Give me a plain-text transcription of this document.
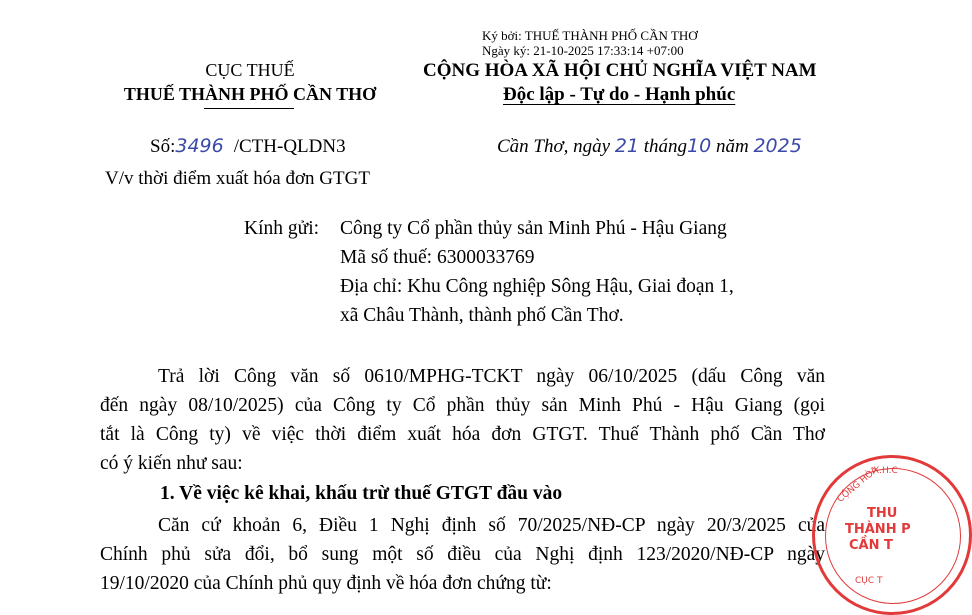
Ký bởi: THUẾ THÀNH PHỐ CẦN THƠ
Ngày ký: 21-10-2025 17:33:14 +07:00
CỤC THUẾ
THUẾ THÀNH PHỐ CẦN THƠ
CỘNG HÒA XÃ HỘI CHỦ NGHĨA VIỆT NAM
Độc lập - Tự do - Hạnh phúc
Số:3496 /CTH-QLDN3	Cần Thơ, ngày 21 tháng10 năm 2025
V/v thời điểm xuất hóa đơn GTGT
Kính gửi: Công ty Cổ phần thủy sản Minh Phú - Hậu Giang
Mã số thuế: 6300033769
Địa chỉ: Khu Công nghiệp Sông Hậu, Giai đoạn 1,
xã Châu Thành, thành phố Cần Thơ.
Trả lời Công văn số 0610/MPHG-TCKT ngày 06/10/2025 (dấu Công văn
đến ngày 08/10/2025) của Công ty Cổ phần thủy sản Minh Phú - Hậu Giang (gọi
tắt là Công ty) về việc thời điểm xuất hóa đơn GTGT. Thuế Thành phố Cần Thơ
có ý kiến như sau:
1. Về việc kê khai, khấu trừ thuế GTGT đầu vào
Căn cứ khoản 6, Điều 1 Nghị định số 70/2025/NĐ-CP ngày 20/3/2025 của
Chính phủ sửa đổi, bổ sung một số điều của Nghị định 123/2020/NĐ-CP ngày
19/10/2020 của Chính phủ quy định về hóa đơn chứng từ:
CỘNG HÒA
X.H.C
THU
THÀNH P
CẦN T
CỤC T
